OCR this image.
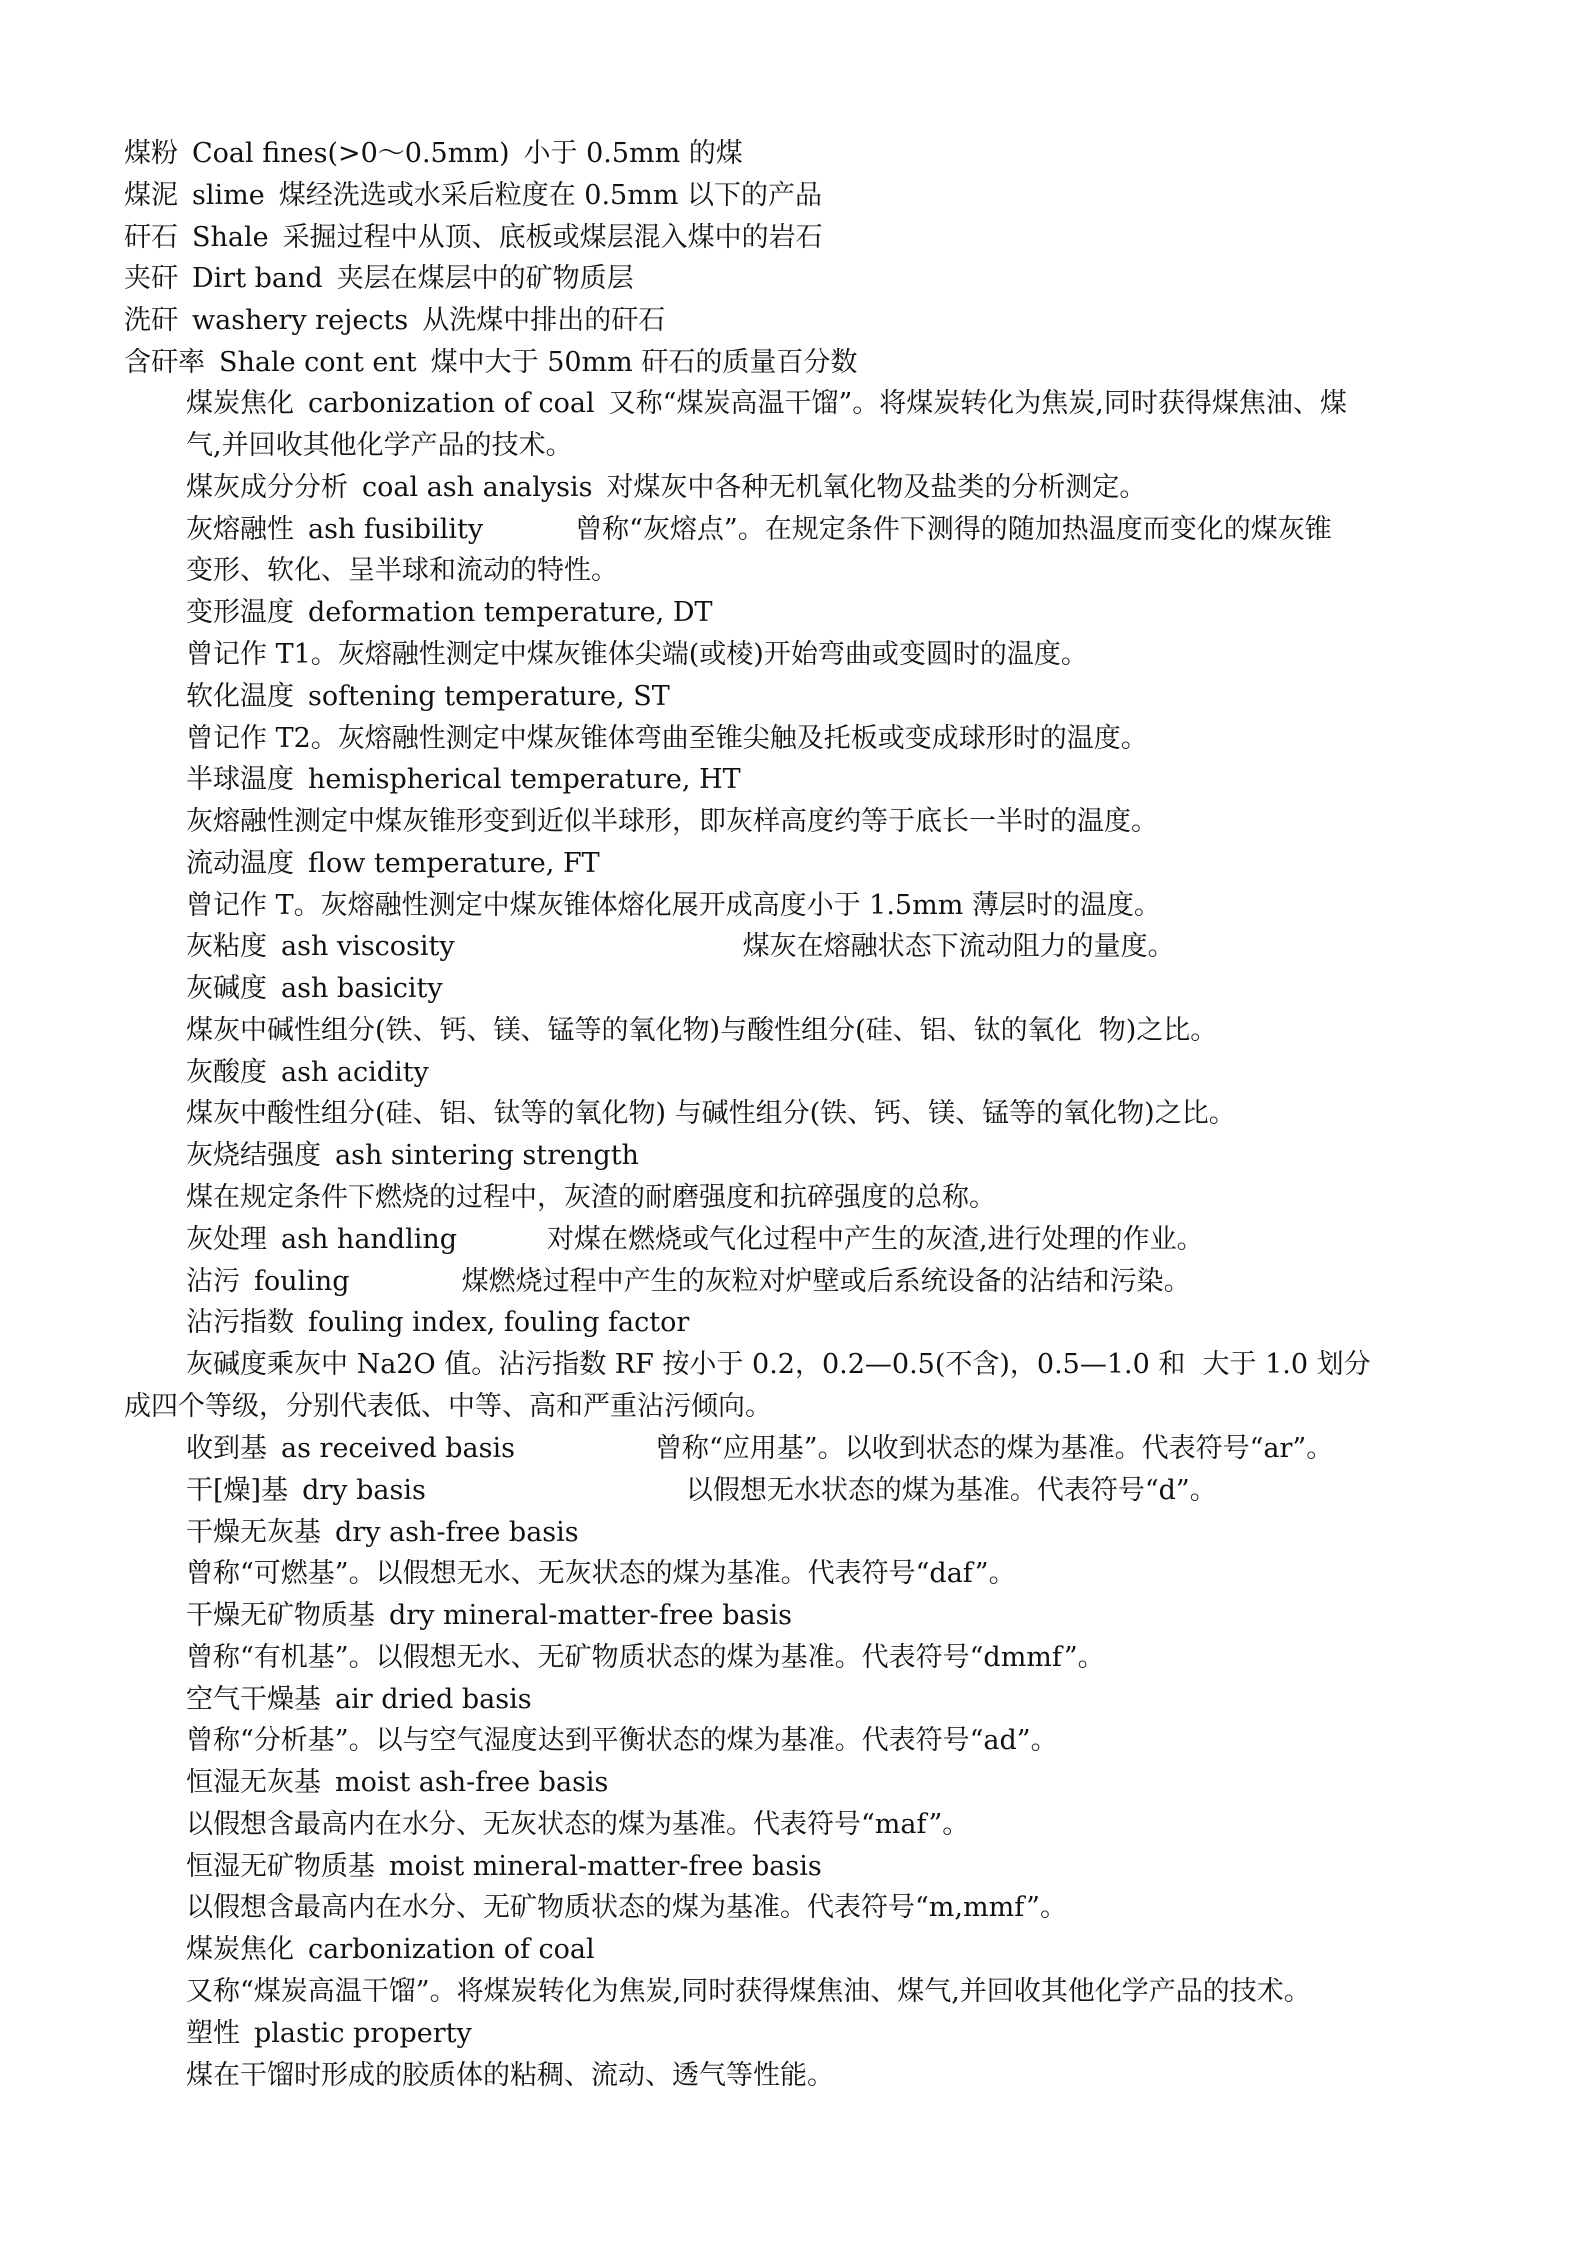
煤粉 Coal fines(>0～0.5mm) 小于 0.5mm 的煤
煤泥 slime 煤经洗选或水采后粒度在 0.5mm 以下的产品
矸石 Shale 采掘过程中从顶、底板或煤层混入煤中的岩石
夹矸 Dirt band 夹层在煤层中的矿物质层
洗矸 washery rejects 从洗煤中排出的矸石
含矸率 Shale cont ent 煤中大于 50mm 矸石的质量百分数
煤炭焦化 carbonization of coal 又称“煤炭高温干馏”。将煤炭转化为焦炭,同时获得煤焦油、煤
气,并回收其他化学产品的技术。
煤灰成分分析 coal ash analysis 对煤灰中各种无机氧化物及盐类的分析测定。
灰熔融性 ash fusibility	曾称“灰熔点”。在规定条件下测得的随加热温度而变化的煤灰锥
变形、软化、呈半球和流动的特性。
变形温度 deformation temperature, DT
曾记作 T1。灰熔融性测定中煤灰锥体尖端(或棱)开始弯曲或变圆时的温度。
软化温度 softening temperature, ST
曾记作 T2。灰熔融性测定中煤灰锥体弯曲至锥尖触及托板或变成球形时的温度。
半球温度 hemispherical temperature, HT
灰熔融性测定中煤灰锥形变到近似半球形，即灰样高度约等于底长一半时的温度。
流动温度 flow temperature, FT
曾记作 T。灰熔融性测定中煤灰锥体熔化展开成高度小于 1.5mm 薄层时的温度。
灰粘度 ash viscosity	煤灰在熔融状态下流动阻力的量度。
灰碱度 ash basicity
煤灰中碱性组分(铁、钙、镁、锰等的氧化物)与酸性组分(硅、铝、钛的氧化  物)之比。
灰酸度 ash acidity
煤灰中酸性组分(硅、铝、钛等的氧化物) 与碱性组分(铁、钙、镁、锰等的氧化物)之比。
灰烧结强度 ash sintering strength
煤在规定条件下燃烧的过程中，灰渣的耐磨强度和抗碎强度的总称。
灰处理 ash handling	对煤在燃烧或气化过程中产生的灰渣,进行处理的作业。
沾污 fouling	煤燃烧过程中产生的灰粒对炉壁或后系统设备的沾结和污染。
沾污指数 fouling index, fouling factor
灰碱度乘灰中 Na2O 值。沾污指数 RF 按小于 0.2，0.2—0.5(不含)，0.5—1.0 和  大于 1.0 划分
成四个等级，分别代表低、中等、高和严重沾污倾向。
收到基 as received basis	曾称“应用基”。以收到状态的煤为基准。代表符号“ar”。
干[燥]基 dry basis	以假想无水状态的煤为基准。代表符号“d”。
干燥无灰基 dry ash-free basis
曾称“可燃基”。以假想无水、无灰状态的煤为基准。代表符号“daf”。
干燥无矿物质基 dry mineral-matter-free basis
曾称“有机基”。以假想无水、无矿物质状态的煤为基准。代表符号“dmmf”。
空气干燥基 air dried basis
曾称“分析基”。以与空气湿度达到平衡状态的煤为基准。代表符号“ad”。
恒湿无灰基 moist ash-free basis
以假想含最高内在水分、无灰状态的煤为基准。代表符号“maf”。
恒湿无矿物质基 moist mineral-matter-free basis
以假想含最高内在水分、无矿物质状态的煤为基准。代表符号“m,mmf”。
煤炭焦化 carbonization of coal
又称“煤炭高温干馏”。将煤炭转化为焦炭,同时获得煤焦油、煤气,并回收其他化学产品的技术。
塑性 plastic property
煤在干馏时形成的胶质体的粘稠、流动、透气等性能。
